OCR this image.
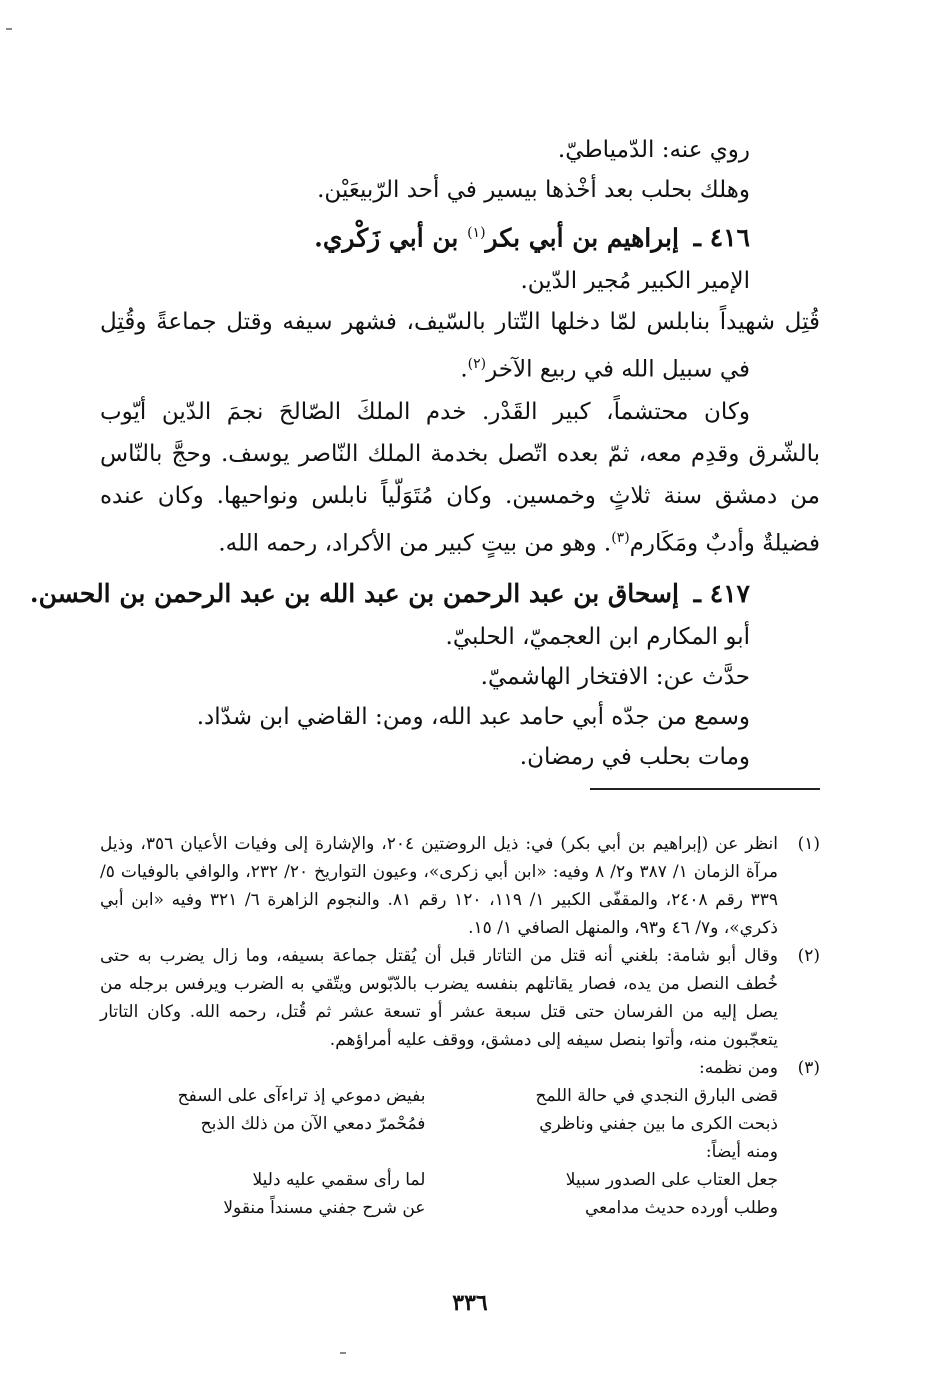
روي عنه: الدّمياطيّ.
وهلك بحلب بعد أخْذها بيسير في أحد الرّبيعَيْن.
٤١٦ ـ إبراهيم بن أبي بكر$^{(١)}$ بن أبي زَكْري.
الإمير الكبير مُجير الدّين.
قُتِل شهيداً بنابلس لمّا دخلها التّتار بالسّيف، فشهر سيفه وقتل جماعةً وقُتِل في سبيل الله في ربيع الآخر$^{(٢)}$.
وكان محتشماً، كبير القَدْر. خدم الملكَ الصّالحَ نجمَ الدّين أيّوب بالشّرق وقدِم معه، ثمّ بعده اتّصل بخدمة الملك النّاصر يوسف. وحجَّ بالنّاس من دمشق سنة ثلاثٍ وخمسين. وكان مُتَوَلّياً نابلس ونواحيها. وكان عنده فضيلةٌ وأدبٌ ومَكَارم$^{(٣)}$. وهو من بيتٍ كبير من الأكراد، رحمه الله.
٤١٧ ـ إسحاق بن عبد الرحمن بن عبد الله بن عبد الرحمن بن الحسن.
أبو المكارم ابن العجميّ، الحلبيّ.
حدَّث عن: الافتخار الهاشميّ.
وسمع من جدّه أبي حامد عبد الله، ومن: القاضي ابن شدّاد.
ومات بحلب في رمضان.
(١)
انظر عن (إبراهيم بن أبي بكر) في: ذيل الروضتين ٢٠٤، والإشارة إلى وفيات الأعيان ٣٥٦، وذيل مرآة الزمان ١/ ٣٨٧ و٢/ ٨ وفيه: «ابن أبي زكرى»، وعيون التواريخ ٢٠/ ٢٣٢، والوافي بالوفيات ٥/ ٣٣٩ رقم ٢٤٠٨، والمقفّى الكبير ١/ ١١٩، ١٢٠ رقم ٨١. والنجوم الزاهرة ٦/ ٣٢١ وفيه «ابن أبي ذكري»، و٧/ ٤٦ و٩٣، والمنهل الصافي ١/ ١٥.
(٢)
وقال أبو شامة: بلغني أنه قتل من التاتار قبل أن يُقتل جماعة بسيفه، وما زال يضرب به حتى خُطف النصل من يده، فصار يقاتلهم بنفسه يضرب بالدّبّوس ويتّقي به الضرب ويرفس برجله من يصل إليه من الفرسان حتى قتل سبعة عشر أو تسعة عشر ثم قُتل، رحمه الله. وكان التاتار يتعجّبون منه، وأتوا بنصل سيفه إلى دمشق، ووقف عليه أمراؤهم.
(٣)
ومن نظمه:
قضى البارق النجدي في حالة اللمح
بفيض دموعي إذ تراءآى على السفح
ذبحت الكرى ما بين جفني وناظري
فمُحْمرّ دمعي الآن من ذلك الذبح
ومنه أيضاً:
جعل العتاب على الصدور سبيلا
لما رأى سقمي عليه دليلا
وطلب أورده حديث مدامعي
عن شرح جفني مسنداً منقولا
٣٣٦
